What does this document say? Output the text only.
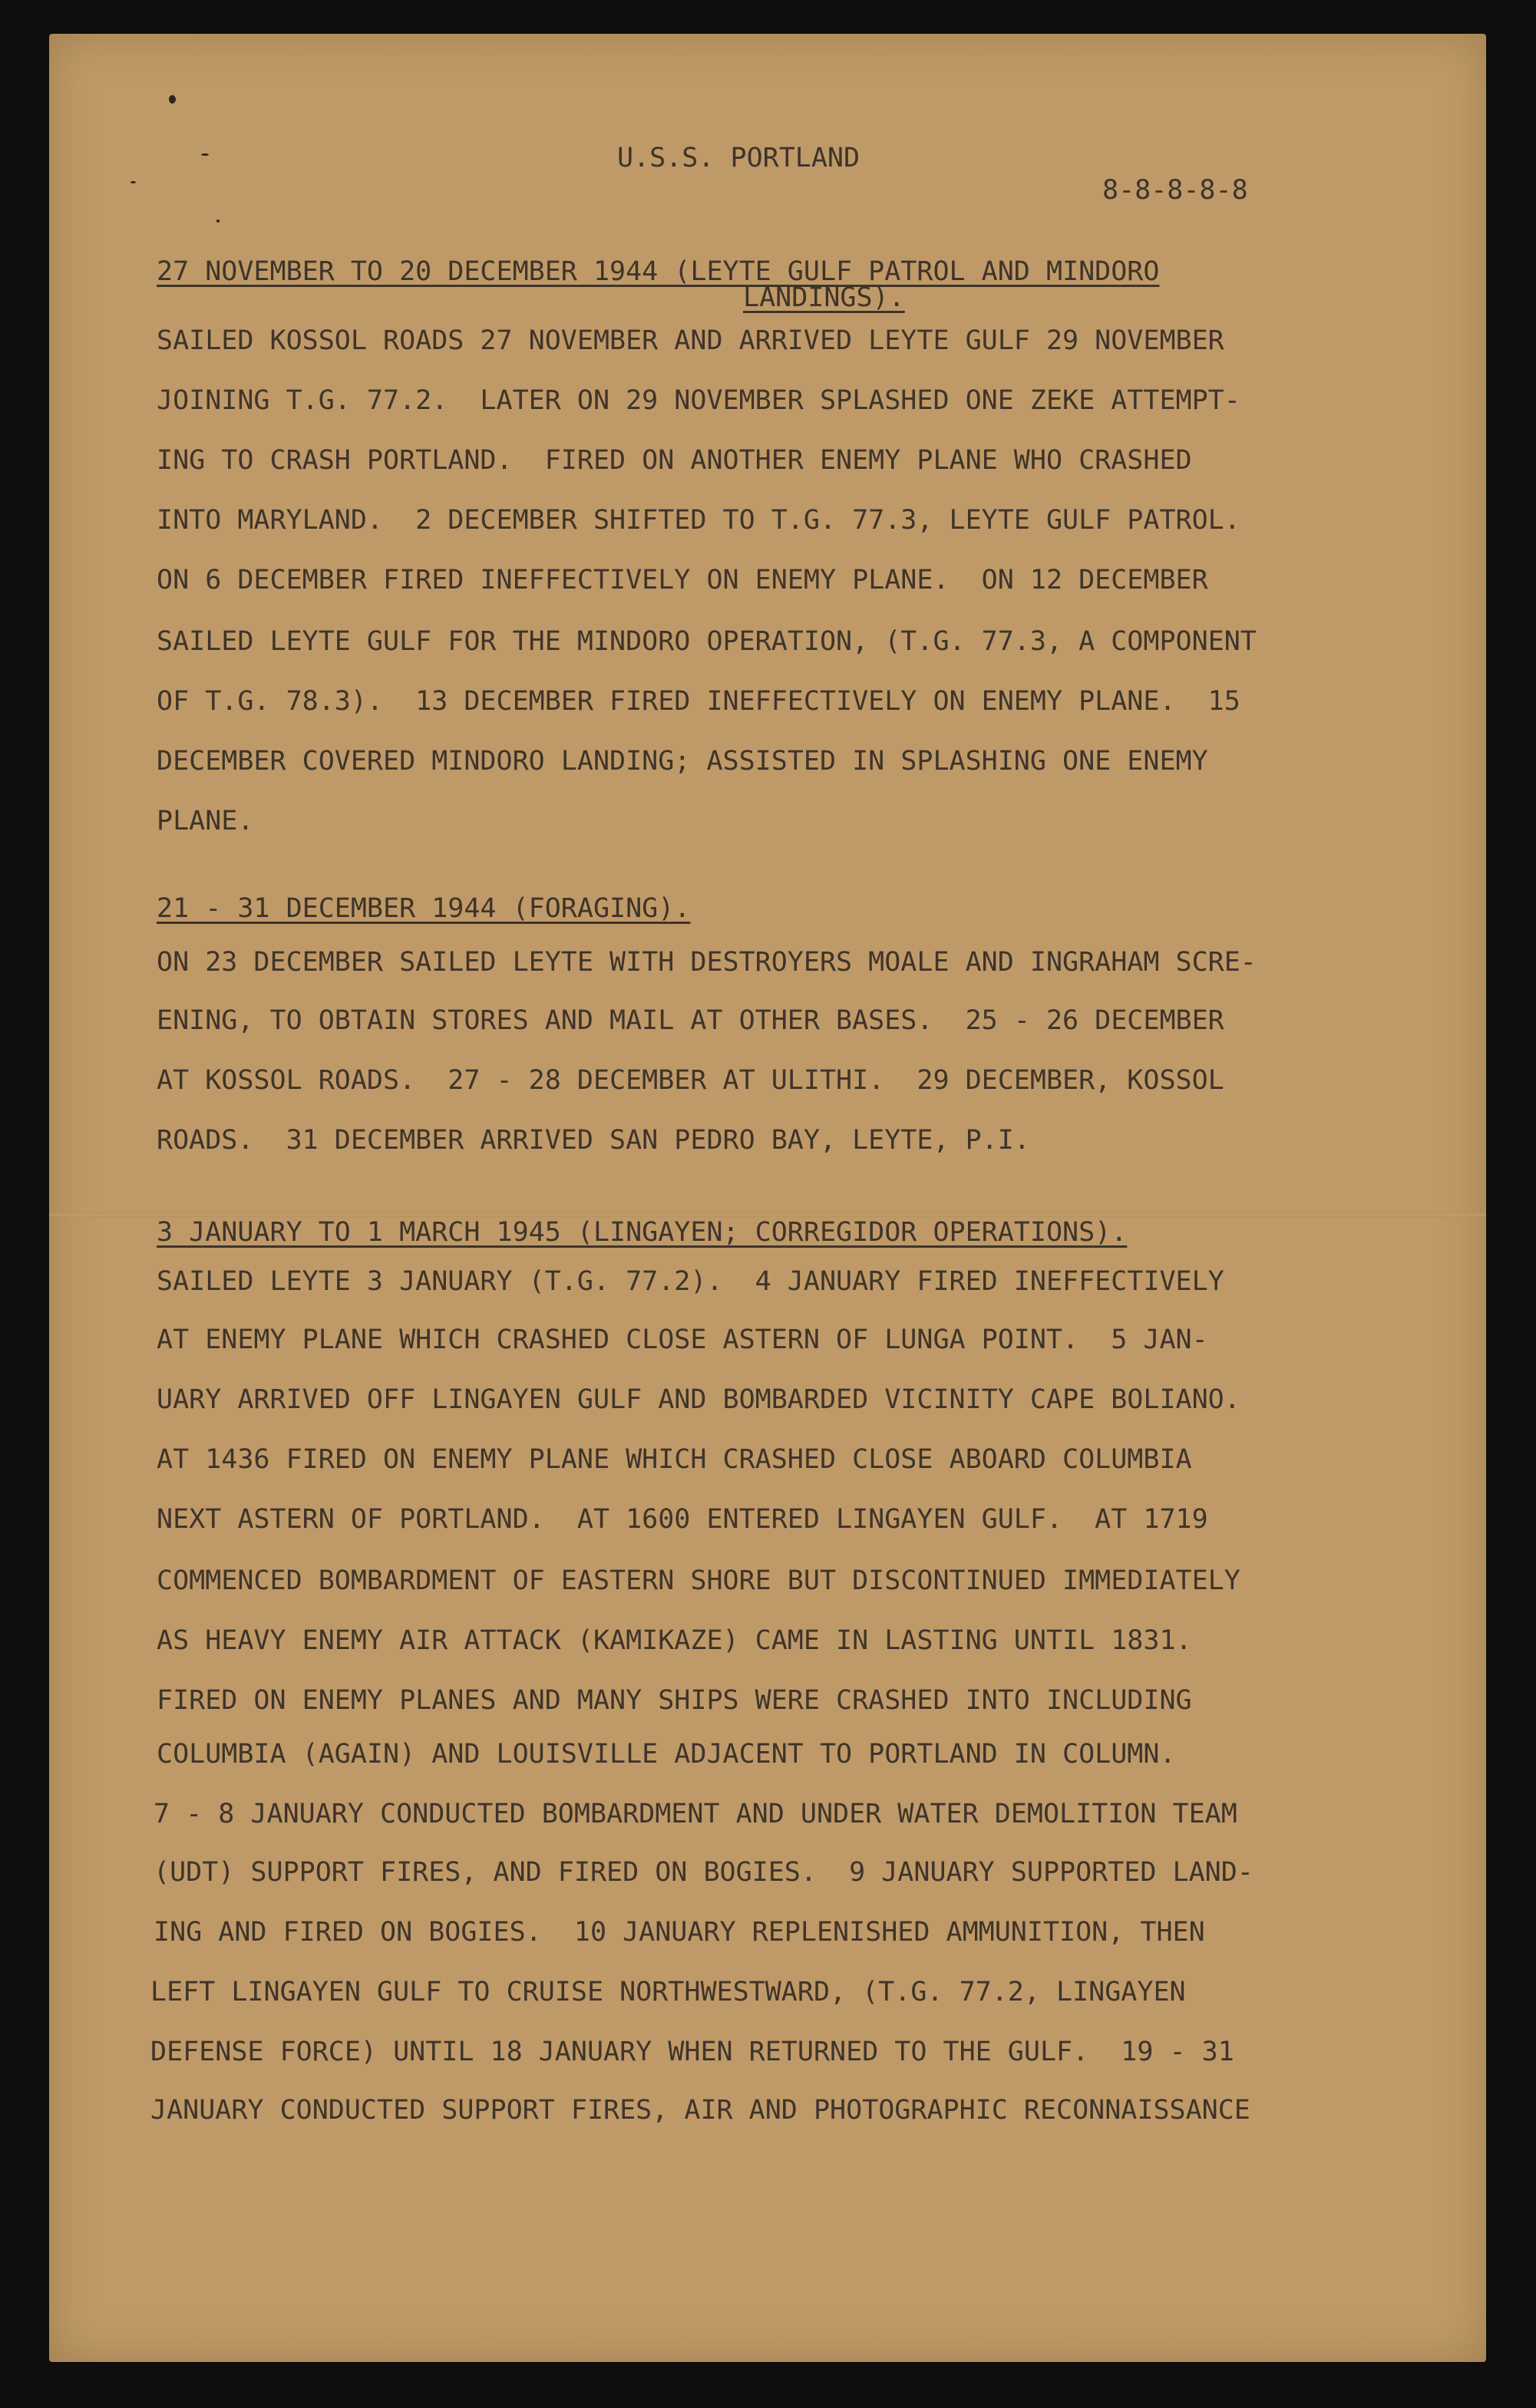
U.S.S. PORTLAND
8-8-8-8-8
27 NOVEMBER TO 20 DECEMBER 1944 (LEYTE GULF PATROL AND MINDORO
LANDINGS).
SAILED KOSSOL ROADS 27 NOVEMBER AND ARRIVED LEYTE GULF 29 NOVEMBER
JOINING T.G. 77.2.  LATER ON 29 NOVEMBER SPLASHED ONE ZEKE ATTEMPT-
ING TO CRASH PORTLAND.  FIRED ON ANOTHER ENEMY PLANE WHO CRASHED
INTO MARYLAND.  2 DECEMBER SHIFTED TO T.G. 77.3, LEYTE GULF PATROL.
ON 6 DECEMBER FIRED INEFFECTIVELY ON ENEMY PLANE.  ON 12 DECEMBER
SAILED LEYTE GULF FOR THE MINDORO OPERATION, (T.G. 77.3, A COMPONENT
OF T.G. 78.3).  13 DECEMBER FIRED INEFFECTIVELY ON ENEMY PLANE.  15
DECEMBER COVERED MINDORO LANDING; ASSISTED IN SPLASHING ONE ENEMY
PLANE.
21 - 31 DECEMBER 1944 (FORAGING).
ON 23 DECEMBER SAILED LEYTE WITH DESTROYERS MOALE AND INGRAHAM SCRE-
ENING, TO OBTAIN STORES AND MAIL AT OTHER BASES.  25 - 26 DECEMBER
AT KOSSOL ROADS.  27 - 28 DECEMBER AT ULITHI.  29 DECEMBER, KOSSOL
ROADS.  31 DECEMBER ARRIVED SAN PEDRO BAY, LEYTE, P.I.
3 JANUARY TO 1 MARCH 1945 (LINGAYEN; CORREGIDOR OPERATIONS).
SAILED LEYTE 3 JANUARY (T.G. 77.2).  4 JANUARY FIRED INEFFECTIVELY
AT ENEMY PLANE WHICH CRASHED CLOSE ASTERN OF LUNGA POINT.  5 JAN-
UARY ARRIVED OFF LINGAYEN GULF AND BOMBARDED VICINITY CAPE BOLIANO.
AT 1436 FIRED ON ENEMY PLANE WHICH CRASHED CLOSE ABOARD COLUMBIA
NEXT ASTERN OF PORTLAND.  AT 1600 ENTERED LINGAYEN GULF.  AT 1719
COMMENCED BOMBARDMENT OF EASTERN SHORE BUT DISCONTINUED IMMEDIATELY
AS HEAVY ENEMY AIR ATTACK (KAMIKAZE) CAME IN LASTING UNTIL 1831.
FIRED ON ENEMY PLANES AND MANY SHIPS WERE CRASHED INTO INCLUDING
COLUMBIA (AGAIN) AND LOUISVILLE ADJACENT TO PORTLAND IN COLUMN.
7 - 8 JANUARY CONDUCTED BOMBARDMENT AND UNDER WATER DEMOLITION TEAM
(UDT) SUPPORT FIRES, AND FIRED ON BOGIES.  9 JANUARY SUPPORTED LAND-
ING AND FIRED ON BOGIES.  10 JANUARY REPLENISHED AMMUNITION, THEN
LEFT LINGAYEN GULF TO CRUISE NORTHWESTWARD, (T.G. 77.2, LINGAYEN
DEFENSE FORCE) UNTIL 18 JANUARY WHEN RETURNED TO THE GULF.  19 - 31
JANUARY CONDUCTED SUPPORT FIRES, AIR AND PHOTOGRAPHIC RECONNAISSANCE
